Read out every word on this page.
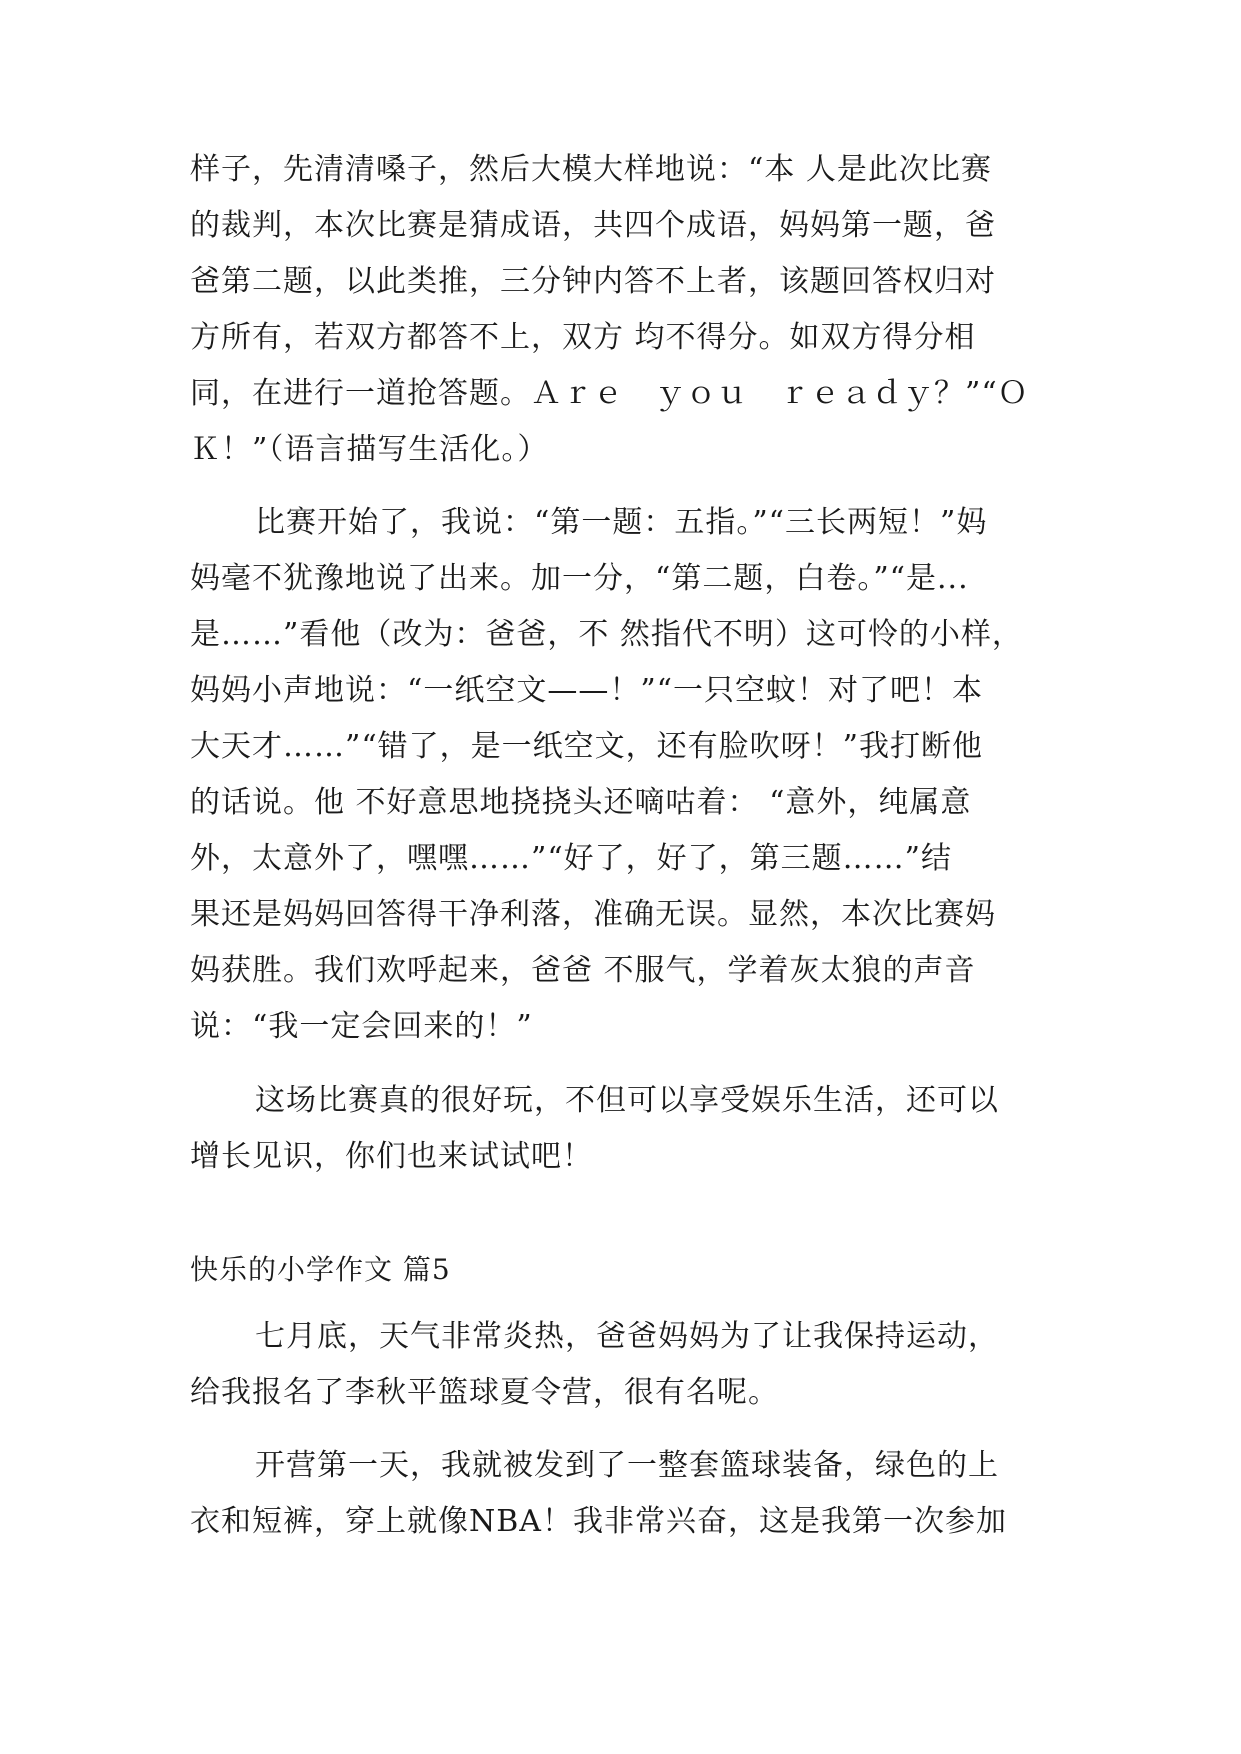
样子，先清清嗓子，然后大模大样地说：“本 人是此次比赛
的裁判，本次比赛是猜成语，共四个成语，妈妈第一题，爸
爸第二题，以此类推，三分钟内答不上者，该题回答权归对
方所有，若双方都答不上，双方 均不得分。如双方得分相
同，在进行一道抢答题。Ａｒｅ　ｙｏｕ　ｒｅａｄｙ？”“Ｏ
Ｋ！”（语言描写生活化。）
比赛开始了，我说：“第一题：五指。”“三长两短！”妈
妈毫不犹豫地说了出来。加一分，“第二题，白卷。”“是...
是……”看他（改为：爸爸，不 然指代不明）这可怜的小样，
妈妈小声地说：“一纸空文——！”“一只空蚊！对了吧！本
大天才……”“错了，是一纸空文，还有脸吹呀！”我打断他
的话说。他 不好意思地挠挠头还嘀咕着： “意外，纯属意
外，太意外了，嘿嘿……”“好了，好了，第三题……”结
果还是妈妈回答得干净利落，准确无误。显然，本次比赛妈
妈获胜。我们欢呼起来，爸爸 不服气，学着灰太狼的声音
说：“我一定会回来的！”
这场比赛真的很好玩，不但可以享受娱乐生活，还可以
增长见识，你们也来试试吧！
快乐的小学作文 篇5
七月底，天气非常炎热，爸爸妈妈为了让我保持运动，
给我报名了李秋平篮球夏令营，很有名呢。
开营第一天，我就被发到了一整套篮球装备，绿色的上
衣和短裤，穿上就像NBA！我非常兴奋，这是我第一次参加
